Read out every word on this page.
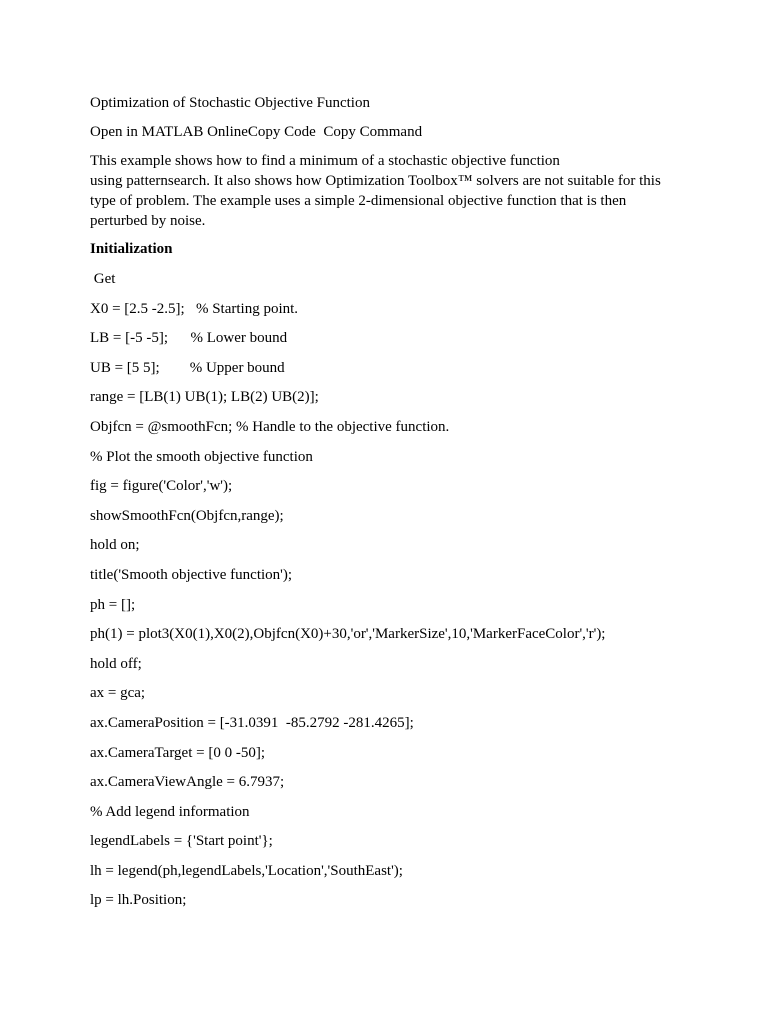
Optimization of Stochastic Objective Function

Open in MATLAB OnlineCopy Code  Copy Command

This example shows how to find a minimum of a stochastic objective function
using patternsearch. It also shows how Optimization Toolbox™ solvers are not suitable for this type of problem. The example uses a simple 2-dimensional objective function that is then perturbed by noise.

Initialization

Get

X0 = [2.5 -2.5];   % Starting point.

LB = [-5 -5];      % Lower bound

UB = [5 5];        % Upper bound

range = [LB(1) UB(1); LB(2) UB(2)];

Objfcn = @smoothFcn; % Handle to the objective function.

% Plot the smooth objective function

fig = figure('Color','w');

showSmoothFcn(Objfcn,range);

hold on;

title('Smooth objective function');

ph = [];

ph(1) = plot3(X0(1),X0(2),Objfcn(X0)+30,'or','MarkerSize',10,'MarkerFaceColor','r');

hold off;

ax = gca;

ax.CameraPosition = [-31.0391  -85.2792 -281.4265];

ax.CameraTarget = [0 0 -50];

ax.CameraViewAngle = 6.7937;

% Add legend information

legendLabels = {'Start point'};

lh = legend(ph,legendLabels,'Location','SouthEast');

lp = lh.Position;
